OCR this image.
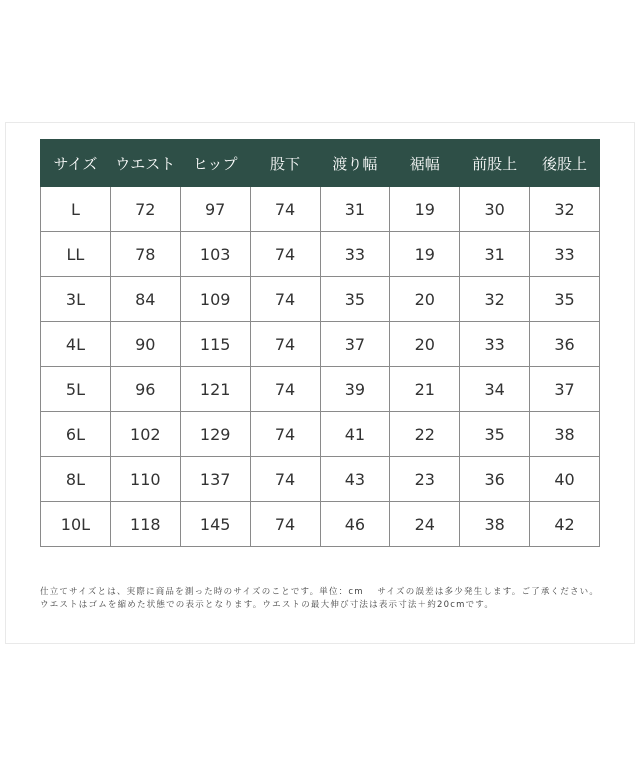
サイズ	ウエスト	ヒップ	股下	渡り幅	裾幅	前股上	後股上
L	72	97	74	31	19	30	32
LL	78	103	74	33	19	31	33
3L	84	109	74	35	20	32	35
4L	90	115	74	37	20	33	36
5L	96	121	74	39	21	34	37
6L	102	129	74	41	22	35	38
8L	110	137	74	43	23	36	40
10L	118	145	74	46	24	38	42

仕立てサイズとは、実際に商品を測った時のサイズのことです。単位：cm　 サイズの誤差は多少発生します。ご了承ください。 ウエストはゴムを縮めた状態での表示となります。ウエストの最大伸び寸法は表示寸法＋約20cmです。
